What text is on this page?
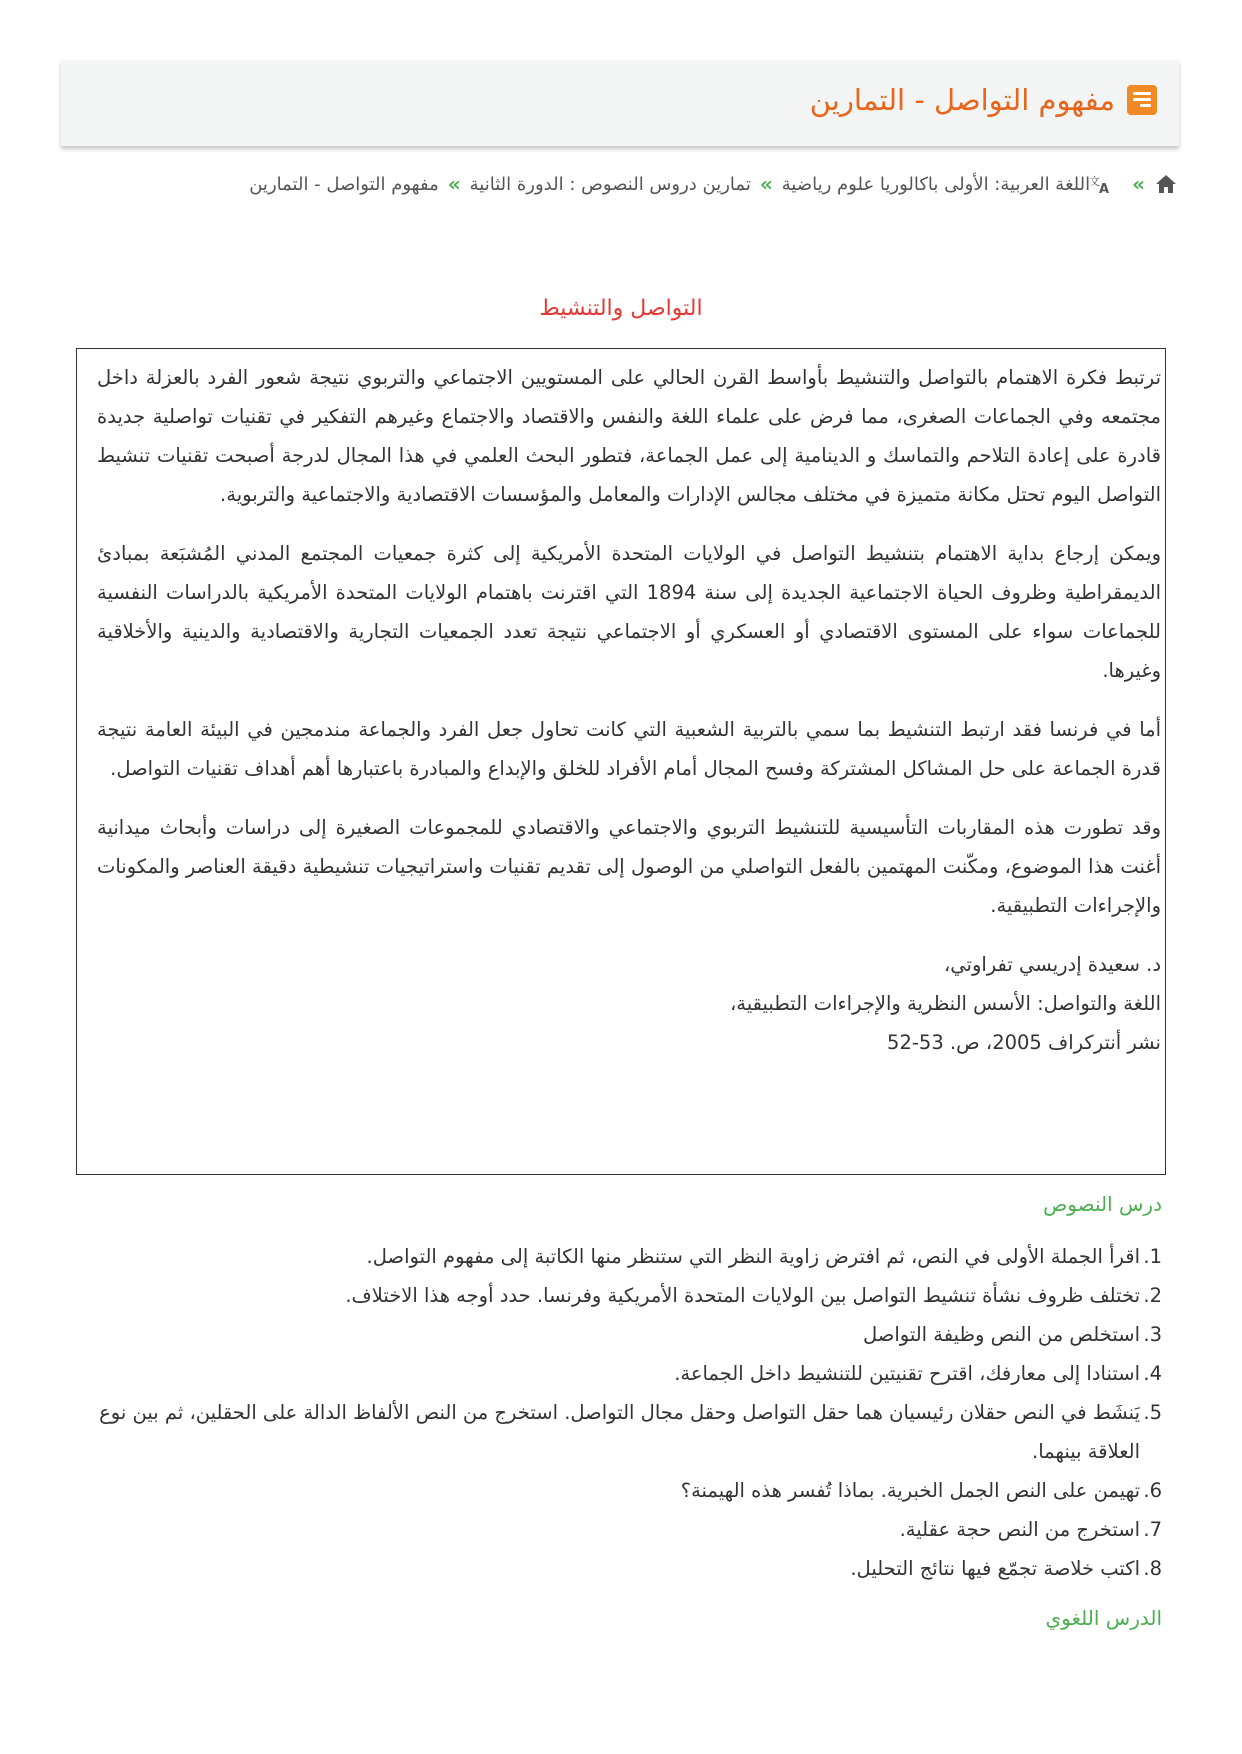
مفهوم التواصل - التمارين
»
文
A
اللغة العربية: الأولى باكالوريا علوم رياضية
»
تمارين دروس النصوص : الدورة الثانية
»
مفهوم التواصل - التمارين
التواصل والتنشيط

ترتبط فكرة الاهتمام بالتواصل والتنشيط بأواسط القرن الحالي على المستويين الاجتماعي والتربوي نتيجة شعور الفرد بالعزلة داخل مجتمعه وفي الجماعات الصغرى، مما فرض على علماء اللغة والنفس والاقتصاد والاجتماع وغيرهم التفكير في تقنيات تواصلية جديدة قادرة على إعادة التلاحم والتماسك و الدينامية إلى عمل الجماعة، فتطور البحث العلمي في هذا المجال لدرجة أصبحت تقنيات تنشيط التواصل اليوم تحتل مكانة متميزة في مختلف مجالس الإدارات والمعامل والمؤسسات الاقتصادية والاجتماعية والتربوية.

ويمكن إرجاع بداية الاهتمام بتنشيط التواصل في الولايات المتحدة الأمريكية إلى كثرة جمعيات المجتمع المدني المُشبَعة بمبادئ الديمقراطية وظروف الحياة الاجتماعية الجديدة إلى سنة 1894 التي اقترنت باهتمام الولايات المتحدة الأمريكية بالدراسات النفسية للجماعات سواء على المستوى الاقتصادي أو العسكري أو الاجتماعي نتيجة تعدد الجمعيات التجارية والاقتصادية والدينية والأخلاقية وغيرها.

أما في فرنسا فقد ارتبط التنشيط بما سمي بالتربية الشعبية التي كانت تحاول جعل الفرد والجماعة مندمجين في البيئة العامة نتيجة قدرة الجماعة على حل المشاكل المشتركة وفسح المجال أمام الأفراد للخلق والإبداع والمبادرة باعتبارها أهم أهداف تقنيات التواصل.

وقد تطورت هذه المقاربات التأسيسية للتنشيط التربوي والاجتماعي والاقتصادي للمجموعات الصغيرة إلى دراسات وأبحاث ميدانية أغنت هذا الموضوع، ومكّنت المهتمين بالفعل التواصلي من الوصول إلى تقديم تقنيات واستراتيجيات تنشيطية دقيقة العناصر والمكونات والإجراءات التطبيقية.

د. سعيدة إدريسي تفراوتي،
اللغة والتواصل: الأسس النظرية والإجراءات التطبيقية،
نشر أنتركراف 2005، ص. 53-52
درس النصوص
1.
اقرأ الجملة الأولى في النص، ثم افترض زاوية النظر التي ستنظر منها الكاتبة إلى مفهوم التواصل.
2.
تختلف ظروف نشأة تنشيط التواصل بين الولايات المتحدة الأمريكية وفرنسا. حدد أوجه هذا الاختلاف.
3.
استخلص من النص وظيفة التواصل
4.
استنادا إلى معارفك، اقترح تقنيتين للتنشيط داخل الجماعة.
5.
يَنشَط في النص حقلان رئيسيان هما حقل التواصل وحقل مجال التواصل. استخرج من النص الألفاظ الدالة على الحقلين، ثم بين نوع العلاقة بينهما.
6.
تهيمن على النص الجمل الخبرية. بماذا تُفسر هذه الهيمنة؟
7.
استخرج من النص حجة عقلية.
8.
اكتب خلاصة تجمّع فيها نتائج التحليل.
الدرس اللغوي
